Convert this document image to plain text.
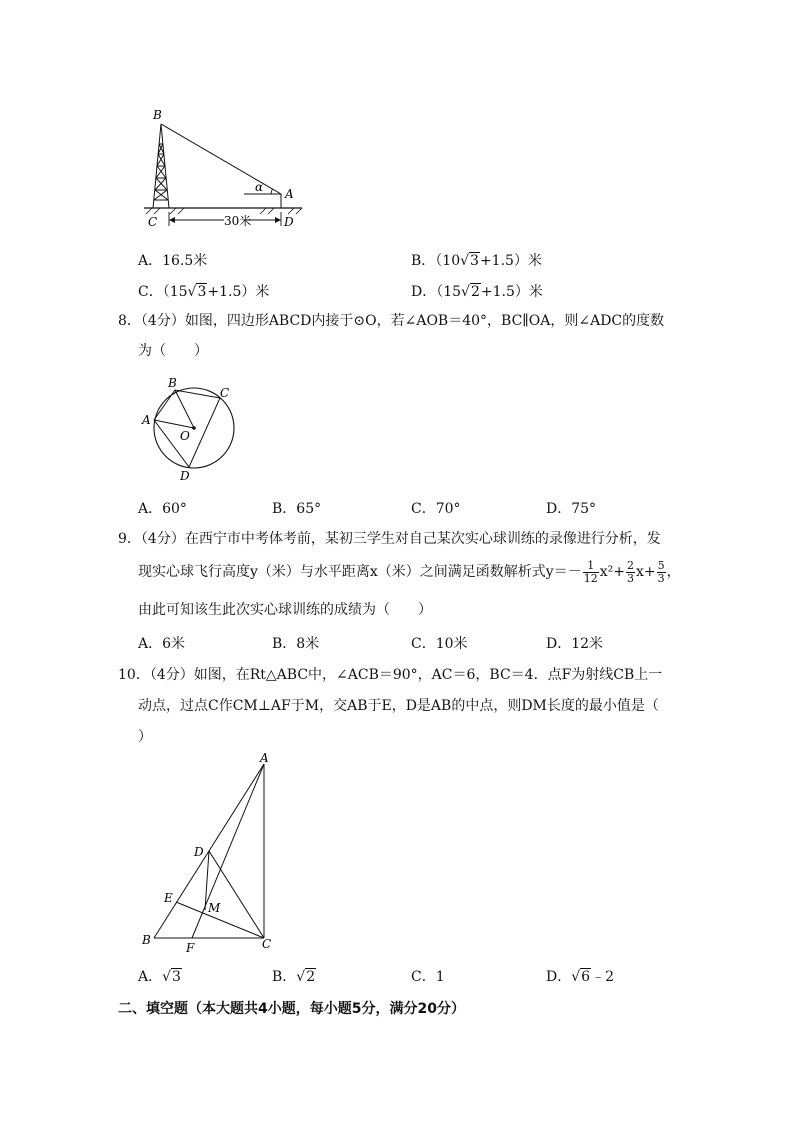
B
α A
C	30米	D
A．16.5米	B．（10√3+1.5）米
C．（15√3+1.5）米	D．（15√2+1.5）米
8．（4分）如图，四边形ABCD内接于⊙O，若∠AOB＝40°，BC∥OA，则∠ADC的度数
为（　　）
B
C
A
O
D
A．60°	B．65°	C．70°	D．75°
9．（4分）在西宁市中考体考前，某初三学生对自己某次实心球训练的录像进行分析，发
现实心球飞行高度y（米）与水平距离x（米）之间满足函数解析式$y=- \frac{1}{12} x^2+ \frac{2}{3} x+ \frac{5}{3}$ ，
由此可知该生此次实心球训练的成绩为（　　）
A．6米	B．8米	C．10米	D．12米
10．（4分）如图，在Rt△ABC中，∠ACB＝90°，AC＝6，BC＝4．点F为射线CB上一
动点，过点C作CM⊥AF于M，交AB于E，D是AB的中点，则DM长度的最小值是（
）
A
D
E
M
B
F	C
A．√3	B．√2	C．1	D．√6﹣2
二、填空题（本大题共4小题，每小题5分，满分20分）
